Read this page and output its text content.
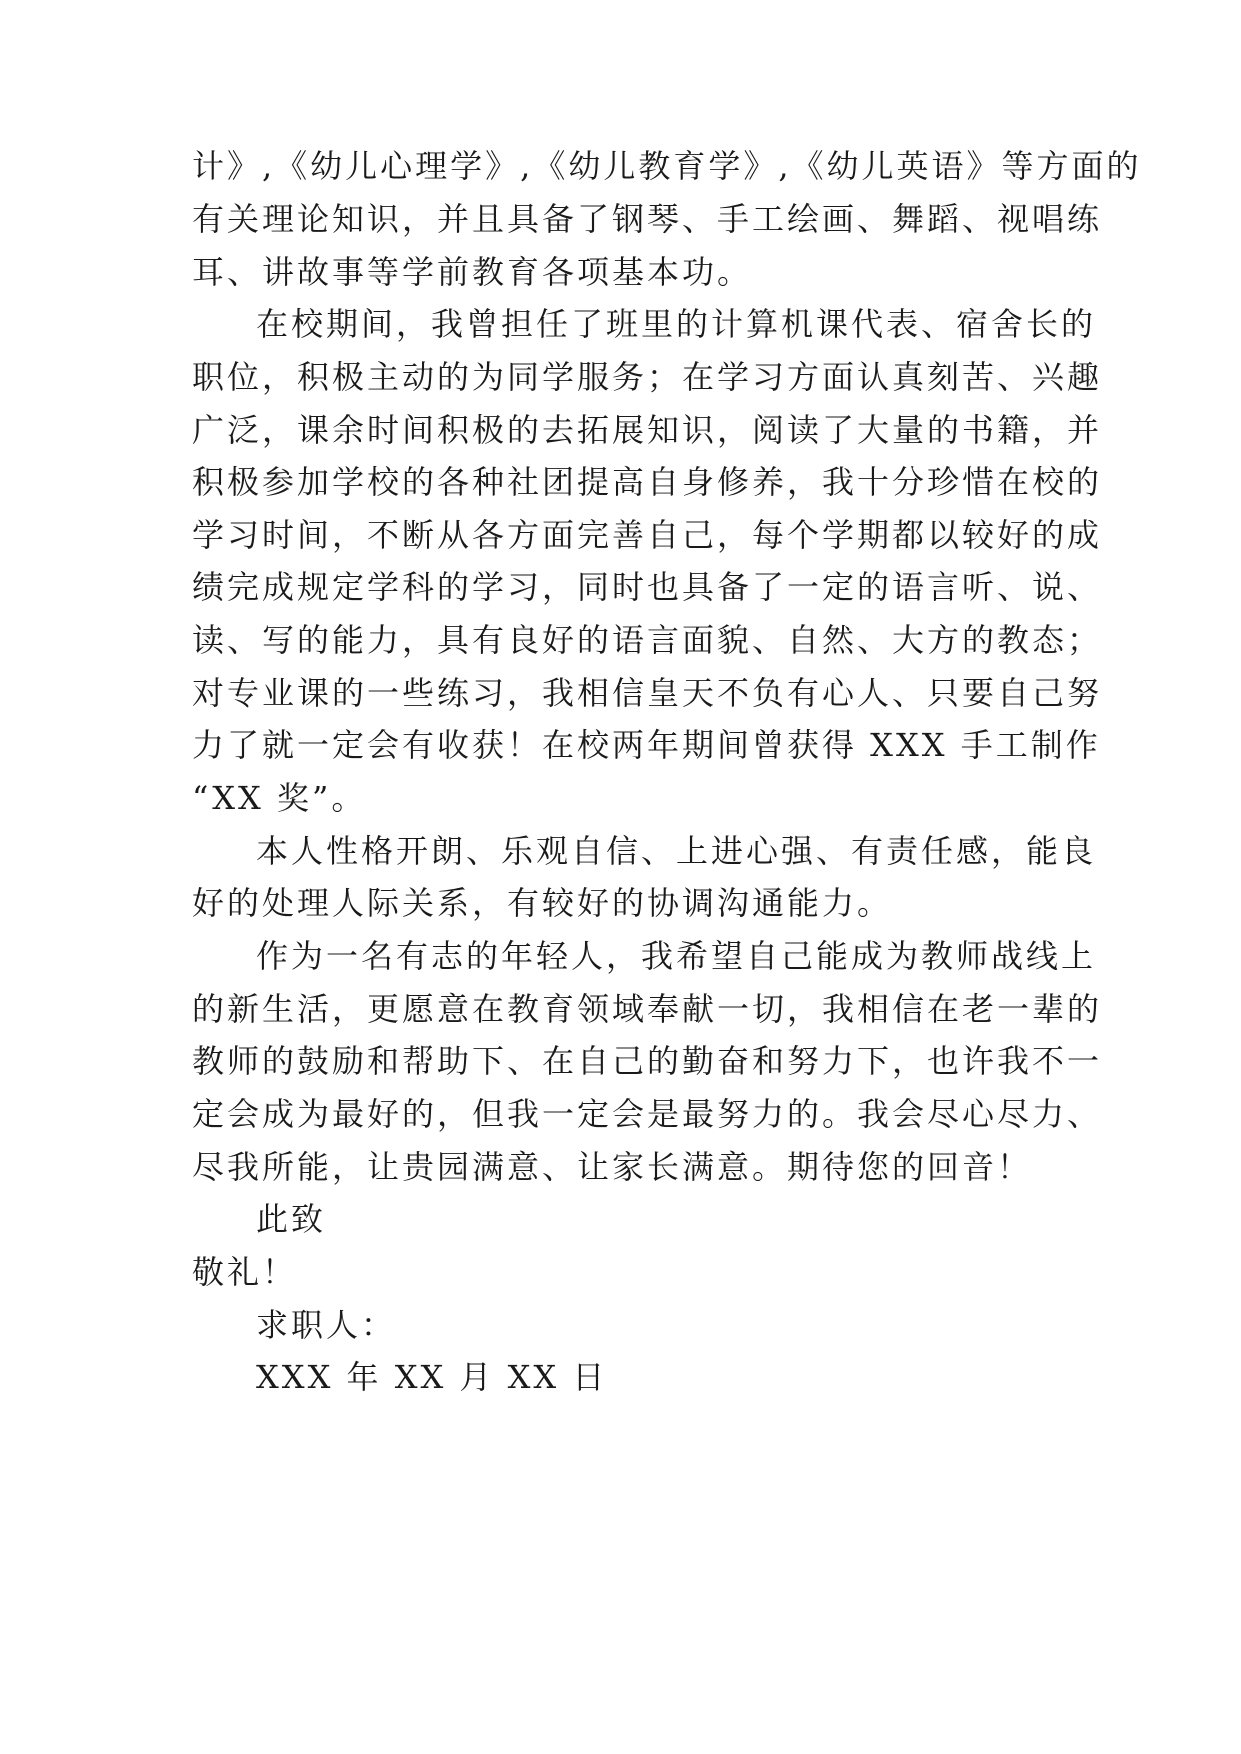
计》,《幼儿心理学》,《幼儿教育学》,《幼儿英语》等方面的
有关理论知识，并且具备了钢琴、手工绘画、舞蹈、视唱练
耳、讲故事等学前教育各项基本功。
在校期间，我曾担任了班里的计算机课代表、宿舍长的
职位，积极主动的为同学服务；在学习方面认真刻苦、兴趣
广泛，课余时间积极的去拓展知识，阅读了大量的书籍，并
积极参加学校的各种社团提高自身修养，我十分珍惜在校的
学习时间，不断从各方面完善自己，每个学期都以较好的成
绩完成规定学科的学习，同时也具备了一定的语言听、说、
读、写的能力，具有良好的语言面貌、自然、大方的教态；
对专业课的一些练习，我相信皇天不负有心人、只要自己努
力了就一定会有收获！在校两年期间曾获得 XXX 手工制作
“XX 奖”。
本人性格开朗、乐观自信、上进心强、有责任感，能良
好的处理人际关系，有较好的协调沟通能力。
作为一名有志的年轻人，我希望自己能成为教师战线上
的新生活，更愿意在教育领域奉献一切，我相信在老一辈的
教师的鼓励和帮助下、在自己的勤奋和努力下，也许我不一
定会成为最好的，但我一定会是最努力的。我会尽心尽力、
尽我所能，让贵园满意、让家长满意。期待您的回音！
此致
敬礼！
求职人：
XXX 年 XX 月 XX 日
